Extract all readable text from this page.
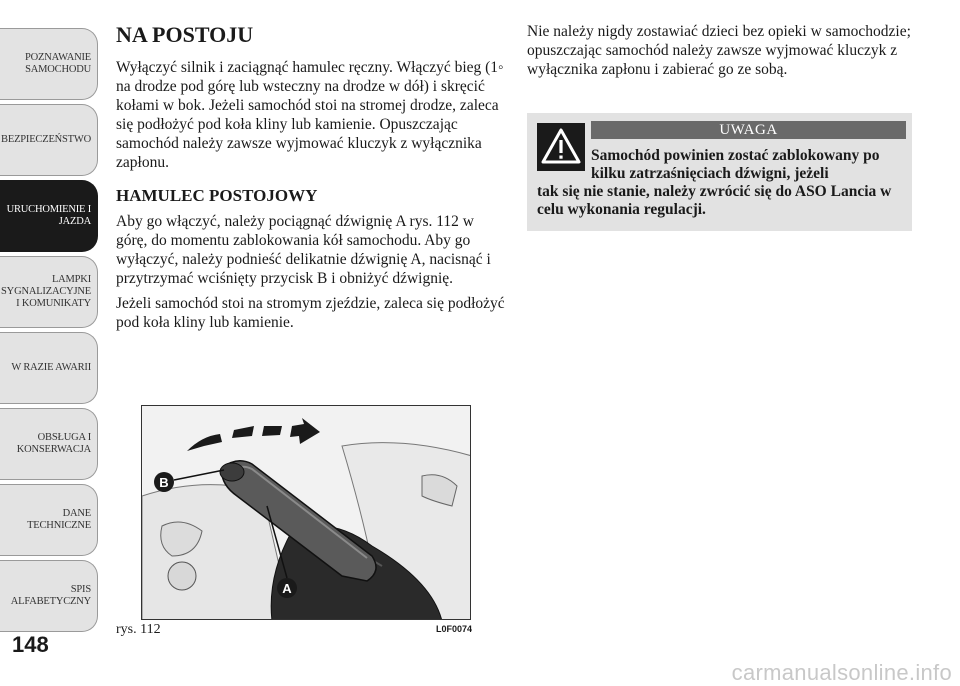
POZNAWANIE
SAMOCHODU
BEZPIECZEŃSTWO
URUCHOMIENIE I
JAZDA
LAMPKI
SYGNALIZACYJNE
I KOMUNIKATY
W RAZIE AWARII
OBSŁUGA I
KONSERWACJA
DANE
TECHNICZNE
SPIS
ALFABETYCZNY
148
NA POSTOJU

Wyłączyć silnik i zaciągnąć hamulec ręczny. Włączyć bieg (1◦ na drodze pod górę lub wsteczny na drodze w dół) i skręcić kołami w bok. Jeżeli samochód stoi na stromej drodze, zaleca się podłożyć pod koła kliny lub kamienie. Opuszczając samochód należy zawsze wyjmować kluczyk z wyłącznika zapłonu.

HAMULEC POSTOJOWY

Aby go włączyć, należy pociągnąć dźwignię A rys. 112 w górę, do momentu zablokowania kół samochodu. Aby go wyłączyć, należy podnieść delikatnie dźwignię A, nacisnąć i przytrzymać wciśnięty przycisk B i obniżyć dźwignię.

Jeżeli samochód stoi na stromym zjeździe, zaleca się podłożyć pod koła kliny lub kamienie.

Nie należy nigdy zostawiać dzieci bez opieki w samochodzie; opuszczając samochód należy zawsze wyjmować kluczyk z wyłącznika zapłonu i zabierać go ze sobą.

UWAGA
Samochód powinien zostać zablokowany po kilku zatrzaśnięciach dźwigni, jeżeli
tak się nie stanie, należy zwrócić się do ASO Lancia w celu wykonania regulacji.
B
A
rys. 112	L0F0074
carmanualsonline.info
